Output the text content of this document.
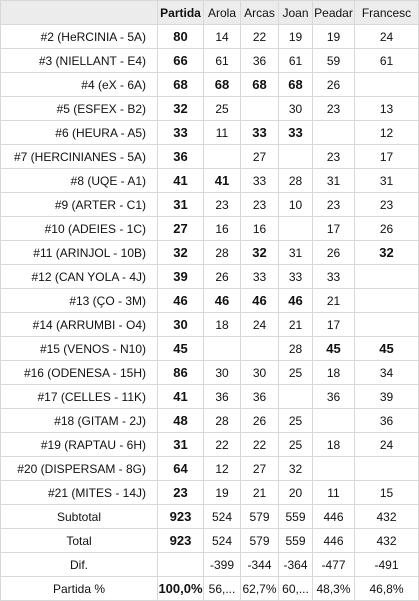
	Partida	Arola	Arcas	Joan	Peadar	Francesc
#2 (HeRCINIA - 5A)	80	14	22	19	19	24
#3 (NIELLANT - E4)	66	61	36	61	59	61
#4 (eX - 6A)	68	68	68	68	26	
#5 (ESFEX - B2)	32	25		30	23	13
#6 (HEURA - A5)	33	11	33	33		12
#7 (HERCINIANES - 5A)	36		27		23	17
#8 (UQE - A1)	41	41	33	28	31	31
#9 (ARTER - C1)	31	23	23	10	23	23
#10 (ADEIES - 1C)	27	16	16		17	26
#11 (ARINJOL - 10B)	32	28	32	31	26	32
#12 (CAN YOLA - 4J)	39	26	33	33	33	
#13 (ÇO - 3M)	46	46	46	46	21	
#14 (ARRUMBI - O4)	30	18	24	21	17	
#15 (VENOS - N10)	45			28	45	45
#16 (ODENESA - 15H)	86	30	30	25	18	34
#17 (CELLES - 11K)	41	36	36		36	39
#18 (GITAM - 2J)	48	28	26	25		36
#19 (RAPTAU - 6H)	31	22	22	25	18	24
#20 (DISPERSAM - 8G)	64	12	27	32		
#21 (MITES - 14J)	23	19	21	20	11	15
Subtotal	923	524	579	559	446	432
Total	923	524	579	559	446	432
Dif.		-399	-344	-364	-477	-491
Partida %	100,0%	56,...	62,7%	60,...	48,3%	46,8%
